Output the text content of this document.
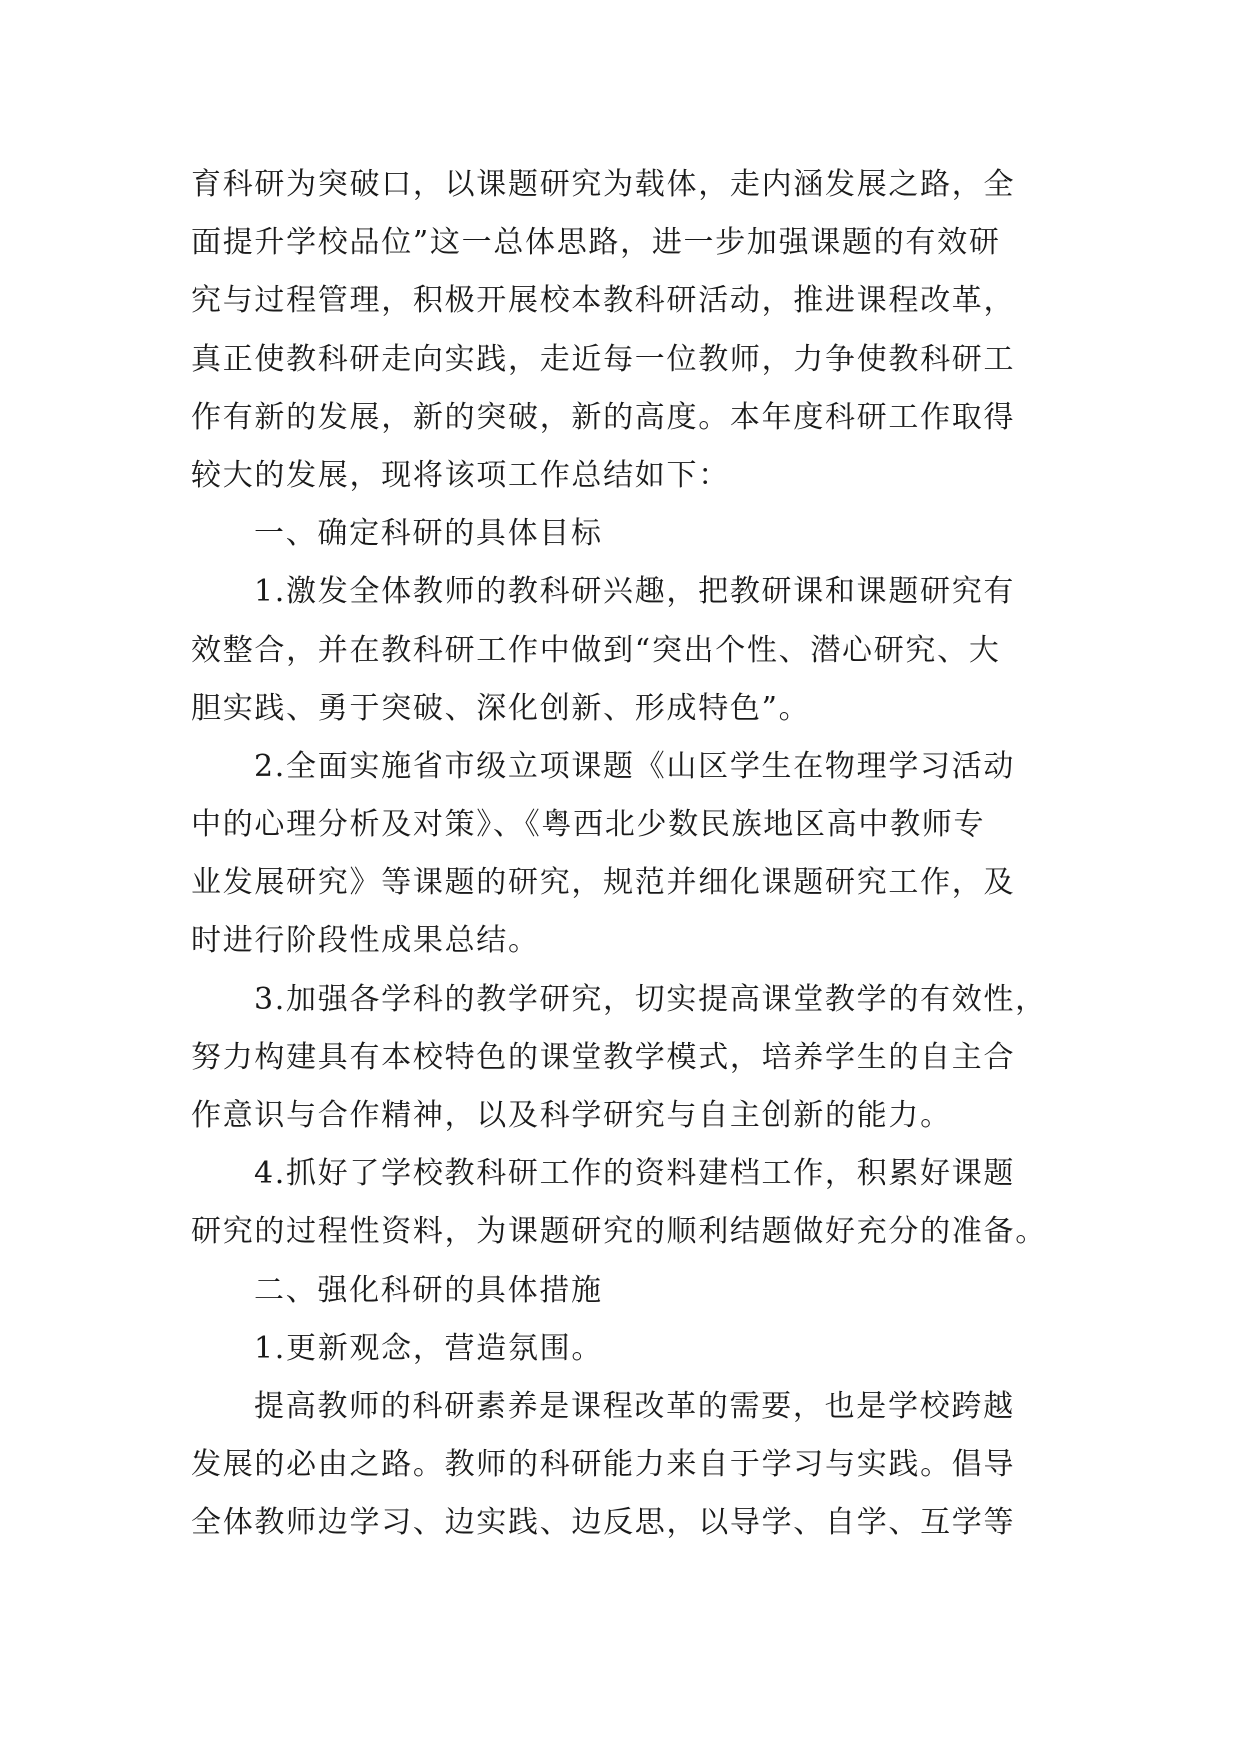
育科研为突破口，以课题研究为载体，走内涵发展之路，全
面提升学校品位”这一总体思路，进一步加强课题的有效研
究与过程管理，积极开展校本教科研活动，推进课程改革，
真正使教科研走向实践，走近每一位教师，力争使教科研工
作有新的发展，新的突破，新的高度。本年度科研工作取得
较大的发展，现将该项工作总结如下：
一、确定科研的具体目标
1.激发全体教师的教科研兴趣，把教研课和课题研究有
效整合，并在教科研工作中做到“突出个性、潜心研究、大
胆实践、勇于突破、深化创新、形成特色”。
2.全面实施省市级立项课题《山区学生在物理学习活动
中的心理分析及对策》、《粤西北少数民族地区高中教师专
业发展研究》等课题的研究，规范并细化课题研究工作，及
时进行阶段性成果总结。
3.加强各学科的教学研究，切实提高课堂教学的有效性，
努力构建具有本校特色的课堂教学模式，培养学生的自主合
作意识与合作精神，以及科学研究与自主创新的能力。
4.抓好了学校教科研工作的资料建档工作，积累好课题
研究的过程性资料，为课题研究的顺利结题做好充分的准备。
二、强化科研的具体措施
1.更新观念，营造氛围。
提高教师的科研素养是课程改革的需要，也是学校跨越
发展的必由之路。教师的科研能力来自于学习与实践。倡导
全体教师边学习、边实践、边反思，以导学、自学、互学等
